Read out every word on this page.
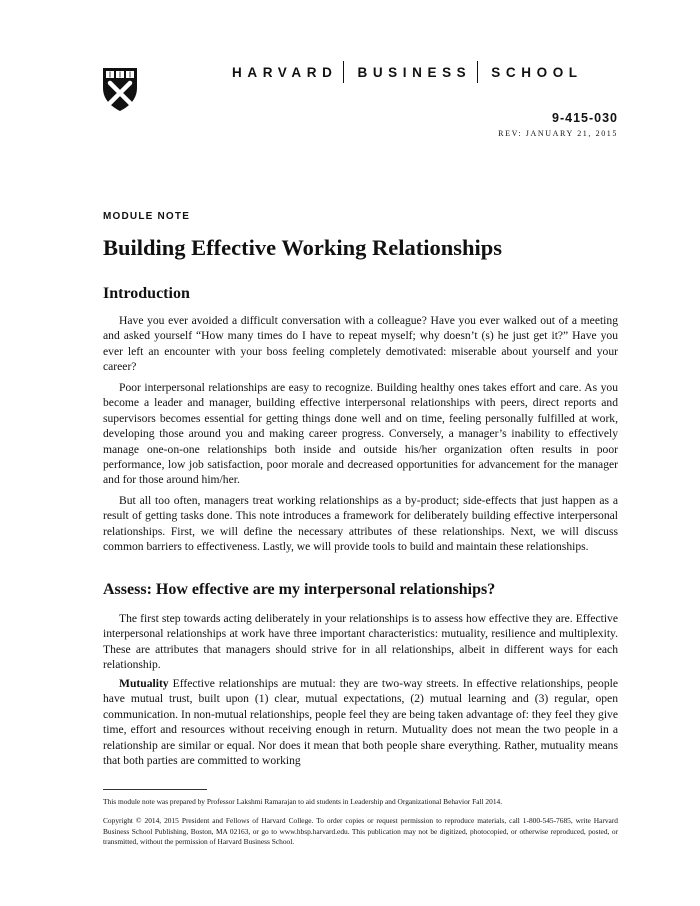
HARVARD BUSINESS SCHOOL
9-415-030
REV: JANUARY 21, 2015
MODULE NOTE
Building Effective Working Relationships
Introduction

Have you ever avoided a difficult conversation with a colleague? Have you ever walked out of a meeting and asked yourself “How many times do I have to repeat myself; why doesn’t (s) he just get it?” Have you ever left an encounter with your boss feeling completely demotivated: miserable about yourself and your career?

Poor interpersonal relationships are easy to recognize. Building healthy ones takes effort and care. As you become a leader and manager, building effective interpersonal relationships with peers, direct reports and supervisors becomes essential for getting things done well and on time, feeling personally fulfilled at work, developing those around you and making career progress. Conversely, a manager’s inability to effectively manage one-on-one relationships both inside and outside his/her organization often results in poor performance, low job satisfaction, poor morale and decreased opportunities for advancement for the manager and for those around him/her.

But all too often, managers treat working relationships as a by-product; side-effects that just happen as a result of getting tasks done. This note introduces a framework for deliberately building effective interpersonal relationships. First, we will define the necessary attributes of these relationships. Next, we will discuss common barriers to effectiveness. Lastly, we will provide tools to build and maintain these relationships.

Assess: How effective are my interpersonal relationships?

The first step towards acting deliberately in your relationships is to assess how effective they are. Effective interpersonal relationships at work have three important characteristics: mutuality, resilience and multiplexity. These are attributes that managers should strive for in all relationships, albeit in different ways for each relationship.

Mutuality Effective relationships are mutual: they are two-way streets. In effective relationships, people have mutual trust, built upon (1) clear, mutual expectations, (2) mutual learning and (3) regular, open communication. In non-mutual relationships, people feel they are being taken advantage of: they feel they give time, effort and resources without receiving enough in return. Mutuality does not mean the two people in a relationship are similar or equal. Nor does it mean that both people share everything. Rather, mutuality means that both parties are committed to working

This module note was prepared by Professor Lakshmi Ramarajan to aid students in Leadership and Organizational Behavior Fall 2014.

Copyright © 2014, 2015 President and Fellows of Harvard College. To order copies or request permission to reproduce materials, call 1-800-545-7685, write Harvard Business School Publishing, Boston, MA 02163, or go to www.hbsp.harvard.edu. This publication may not be digitized, photocopied, or otherwise reproduced, posted, or transmitted, without the permission of Harvard Business School.
